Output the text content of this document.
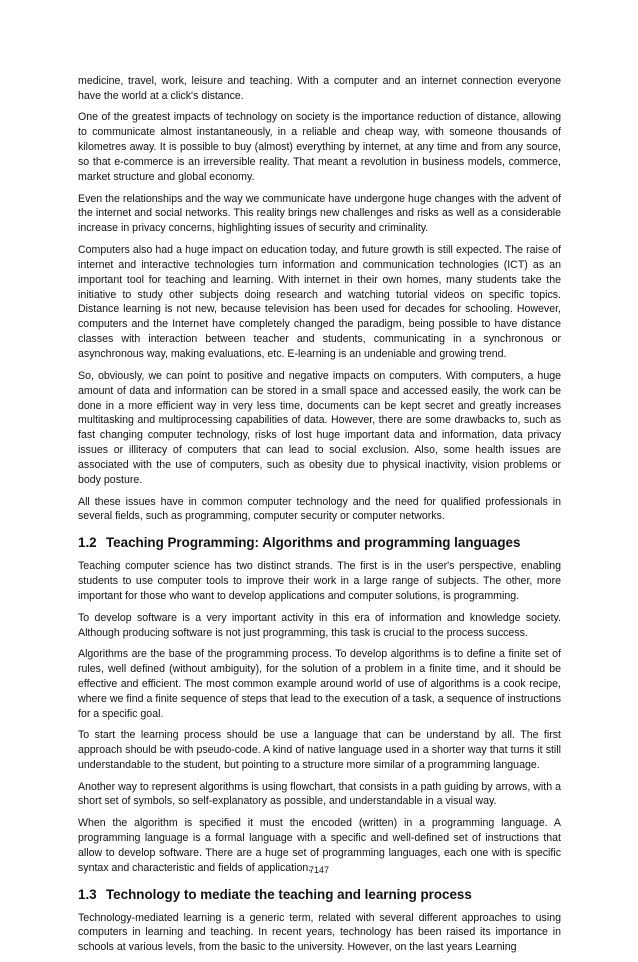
medicine, travel, work, leisure and teaching. With a computer and an internet connection everyone have the world at a click's distance.

One of the greatest impacts of technology on society is the importance reduction of distance, allowing to communicate almost instantaneously, in a reliable and cheap way, with someone thousands of kilometres away. It is possible to buy (almost) everything by internet, at any time and from any source, so that e-commerce is an irreversible reality. That meant a revolution in business models, commerce, market structure and global economy.

Even the relationships and the way we communicate have undergone huge changes with the advent of the internet and social networks. This reality brings new challenges and risks as well as a considerable increase in privacy concerns, highlighting issues of security and criminality.

Computers also had a huge impact on education today, and future growth is still expected. The raise of internet and interactive technologies turn information and communication technologies (ICT) as an important tool for teaching and learning. With internet in their own homes, many students take the initiative to study other subjects doing research and watching tutorial videos on specific topics. Distance learning is not new, because television has been used for decades for schooling. However, computers and the Internet have completely changed the paradigm, being possible to have distance classes with interaction between teacher and students, communicating in a synchronous or asynchronous way, making evaluations, etc. E-learning is an undeniable and growing trend.

So, obviously, we can point to positive and negative impacts on computers. With computers, a huge amount of data and information can be stored in a small space and accessed easily, the work can be done in a more efficient way in very less time, documents can be kept secret and greatly increases multitasking and multiprocessing capabilities of data. However, there are some drawbacks to, such as fast changing computer technology, risks of lost huge important data and information, data privacy issues or illiteracy of computers that can lead to social exclusion. Also, some health issues are associated with the use of computers, such as obesity due to physical inactivity, vision problems or body posture.

All these issues have in common computer technology and the need for qualified professionals in several fields, such as programming, computer security or computer networks.

1.2 Teaching Programming: Algorithms and programming languages

Teaching computer science has two distinct strands. The first is in the user's perspective, enabling students to use computer tools to improve their work in a large range of subjects. The other, more important for those who want to develop applications and computer solutions, is programming.

To develop software is a very important activity in this era of information and knowledge society. Although producing software is not just programming, this task is crucial to the process success.

Algorithms are the base of the programming process. To develop algorithms is to define a finite set of rules, well defined (without ambiguity), for the solution of a problem in a finite time, and it should be effective and efficient. The most common example around world of use of algorithms is a cook recipe, where we find a finite sequence of steps that lead to the execution of a task, a sequence of instructions for a specific goal.

To start the learning process should be use a language that can be understand by all. The first approach should be with pseudo-code. A kind of native language used in a shorter way that turns it still understandable to the student, but pointing to a structure more similar of a programming language.

Another way to represent algorithms is using flowchart, that consists in a path guiding by arrows, with a short set of symbols, so self-explanatory as possible, and understandable in a visual way.

When the algorithm is specified it must the encoded (written) in a programming language. A programming language is a formal language with a specific and well-defined set of instructions that allow to develop software. There are a huge set of programming languages, each one with is specific syntax and characteristic and fields of application.

1.3 Technology to mediate the teaching and learning process

Technology-mediated learning is a generic term, related with several different approaches to using computers in learning and teaching. In recent years, technology has been raised its importance in schools at various levels, from the basic to the university. However, on the last years Learning

7147
